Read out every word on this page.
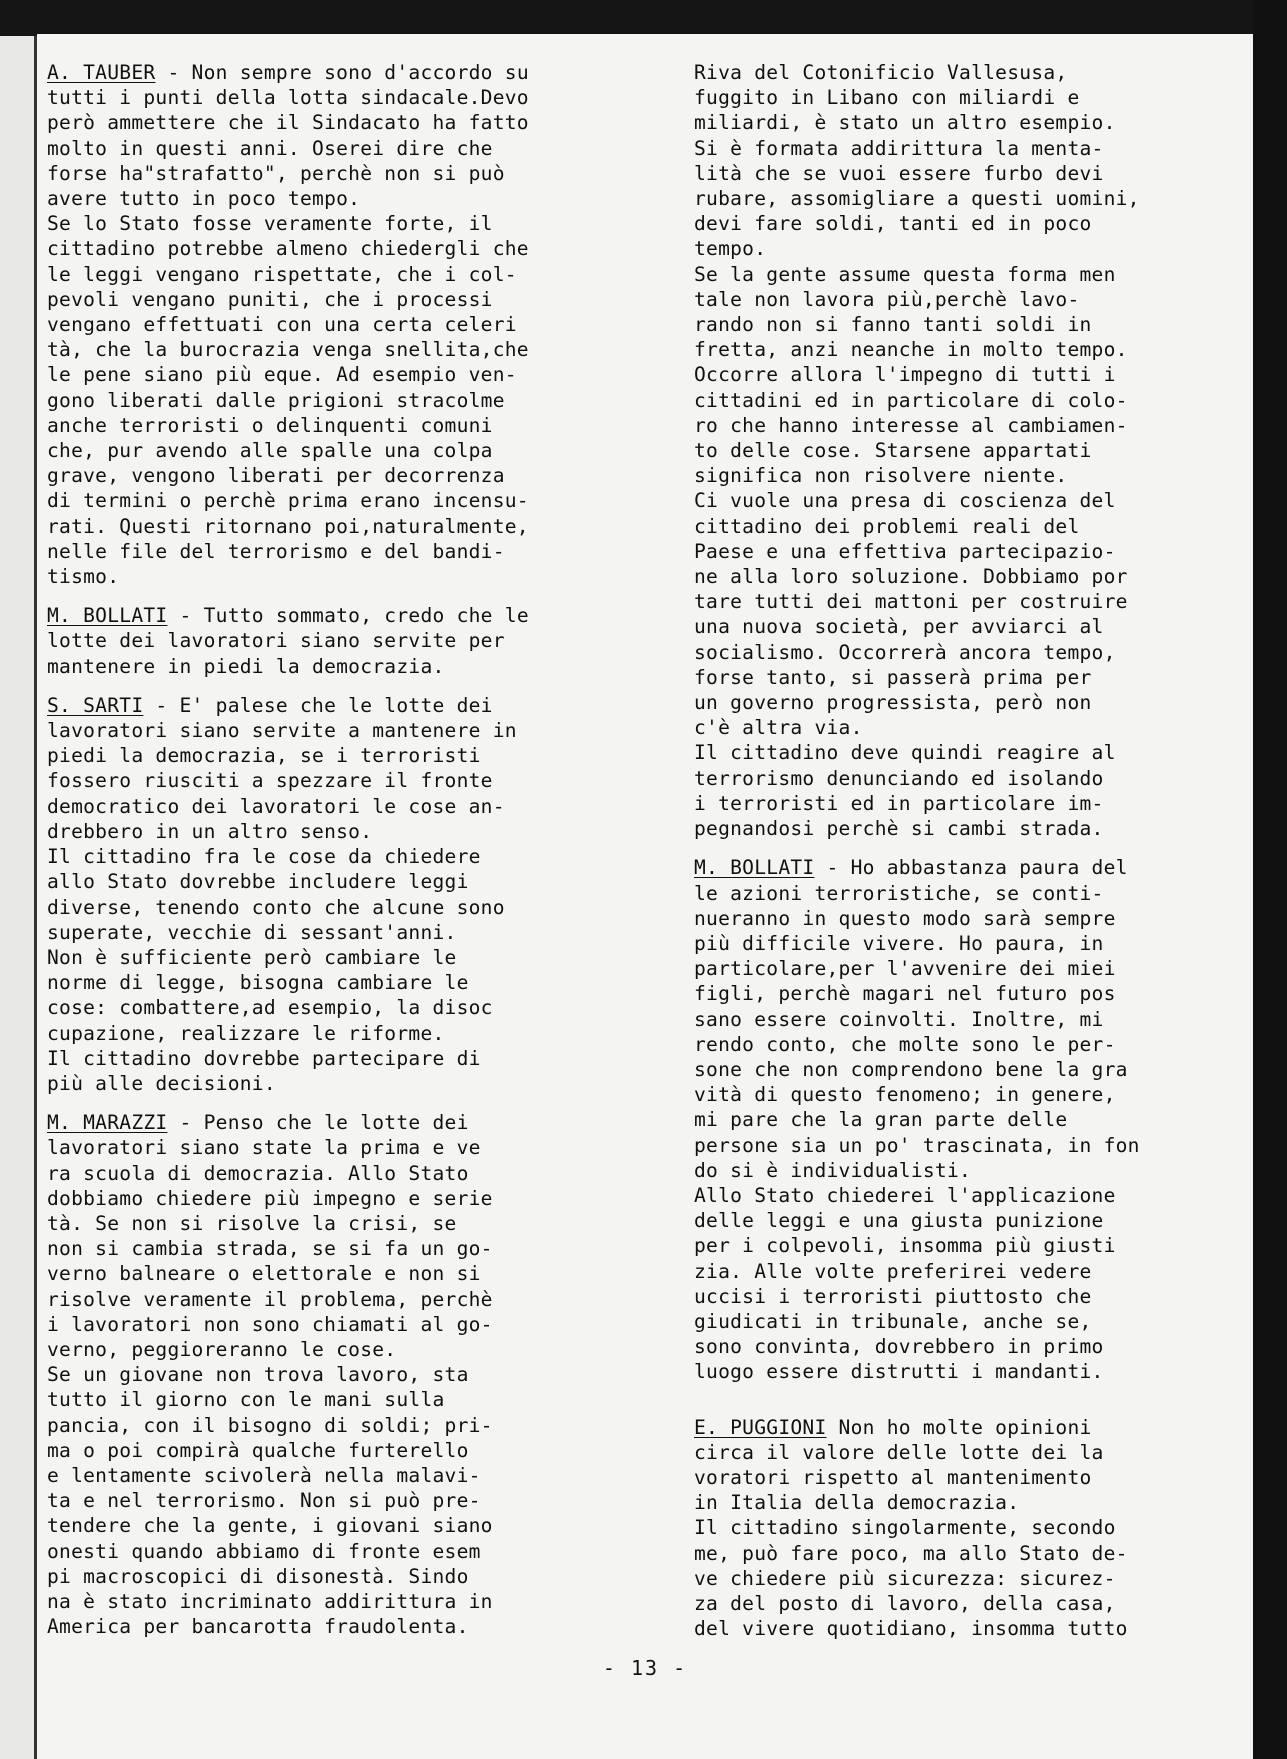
A. TAUBER - Non sempre sono d'accordo su
tutti i punti della lotta sindacale.Devo
però ammettere che il Sindacato ha fatto
molto in questi anni. Oserei dire che
forse ha"strafatto", perchè non si può
avere tutto in poco tempo.
Se lo Stato fosse veramente forte, il
cittadino potrebbe almeno chiedergli che
le leggi vengano rispettate, che i col-
pevoli vengano puniti, che i processi
vengano effettuati con una certa celeri
tà, che la burocrazia venga snellita,che
le pene siano più eque. Ad esempio ven-
gono liberati dalle prigioni stracolme
anche terroristi o delinquenti comuni
che, pur avendo alle spalle una colpa
grave, vengono liberati per decorrenza
di termini o perchè prima erano incensu-
rati. Questi ritornano poi,naturalmente,
nelle file del terrorismo e del bandi-
tismo.

M. BOLLATI - Tutto sommato, credo che le
lotte dei lavoratori siano servite per
mantenere in piedi la democrazia.

S. SARTI - E' palese che le lotte dei
lavoratori siano servite a mantenere in
piedi la democrazia, se i terroristi
fossero riusciti a spezzare il fronte
democratico dei lavoratori le cose an-
drebbero in un altro senso.
Il cittadino fra le cose da chiedere
allo Stato dovrebbe includere leggi
diverse, tenendo conto che alcune sono
superate, vecchie di sessant'anni.
Non è sufficiente però cambiare le
norme di legge, bisogna cambiare le
cose: combattere,ad esempio, la disoc
cupazione, realizzare le riforme.
Il cittadino dovrebbe partecipare di
più alle decisioni.

M. MARAZZI - Penso che le lotte dei
lavoratori siano state la prima e ve
ra scuola di democrazia. Allo Stato
dobbiamo chiedere più impegno e serie
tà. Se non si risolve la crisi, se
non si cambia strada, se si fa un go-
verno balneare o elettorale e non si
risolve veramente il problema, perchè
i lavoratori non sono chiamati al go-
verno, peggioreranno le cose.
Se un giovane non trova lavoro, sta
tutto il giorno con le mani sulla
pancia, con il bisogno di soldi; pri-
ma o poi compirà qualche furterello
e lentamente scivolerà nella malavi-
ta e nel terrorismo. Non si può pre-
tendere che la gente, i giovani siano
onesti quando abbiamo di fronte esem
pi macroscopici di disonestà. Sindo
na è stato incriminato addirittura in
America per bancarotta fraudolenta.

Riva del Cotonificio Vallesusa,
fuggito in Libano con miliardi e
miliardi, è stato un altro esempio.
Si è formata addirittura la menta-
lità che se vuoi essere furbo devi
rubare, assomigliare a questi uomini,
devi fare soldi, tanti ed in poco
tempo.
Se la gente assume questa forma men
tale non lavora più,perchè lavo-
rando non si fanno tanti soldi in
fretta, anzi neanche in molto tempo.
Occorre allora l'impegno di tutti i
cittadini ed in particolare di colo-
ro che hanno interesse al cambiamen-
to delle cose. Starsene appartati
significa non risolvere niente.
Ci vuole una presa di coscienza del
cittadino dei problemi reali del
Paese e una effettiva partecipazio-
ne alla loro soluzione. Dobbiamo por
tare tutti dei mattoni per costruire
una nuova società, per avviarci al
socialismo. Occorrerà ancora tempo,
forse tanto, si passerà prima per
un governo progressista, però non
c'è altra via.
Il cittadino deve quindi reagire al
terrorismo denunciando ed isolando
i terroristi ed in particolare im-
pegnandosi perchè si cambi strada.

M. BOLLATI - Ho abbastanza paura del
le azioni terroristiche, se conti-
nueranno in questo modo sarà sempre
più difficile vivere. Ho paura, in
particolare,per l'avvenire dei miei
figli, perchè magari nel futuro pos
sano essere coinvolti. Inoltre, mi
rendo conto, che molte sono le per-
sone che non comprendono bene la gra
vità di questo fenomeno; in genere,
mi pare che la gran parte delle
persone sia un po' trascinata, in fon
do si è individualisti.
Allo Stato chiederei l'applicazione
delle leggi e una giusta punizione
per i colpevoli, insomma più giusti
zia. Alle volte preferirei vedere
uccisi i terroristi piuttosto che
giudicati in tribunale, anche se,
sono convinta, dovrebbero in primo
luogo essere distrutti i mandanti.

E. PUGGIONI Non ho molte opinioni
circa il valore delle lotte dei la
voratori rispetto al mantenimento
in Italia della democrazia.
Il cittadino singolarmente, secondo
me, può fare poco, ma allo Stato de-
ve chiedere più sicurezza: sicurez-
za del posto di lavoro, della casa,
del vivere quotidiano, insomma tutto

- 13 -
